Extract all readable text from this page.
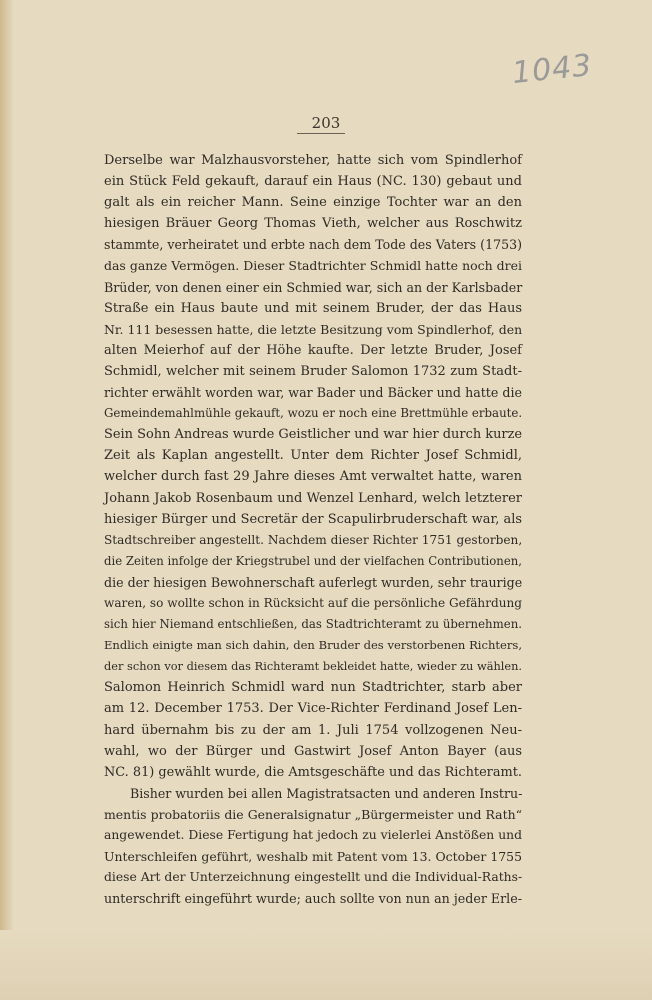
1043
203
Derselbe war Malzhausvorsteher, hatte sich vom Spindlerhof
ein Stück Feld gekauft, darauf ein Haus (NC. 130) gebaut und
galt als ein reicher Mann. Seine einzige Tochter war an den
hiesigen Bräuer Georg Thomas Vieth, welcher aus Roschwitz
stammte, verheiratet und erbte nach dem Tode des Vaters (1753)
das ganze Vermögen. Dieser Stadtrichter Schmidl hatte noch drei
Brüder, von denen einer ein Schmied war, sich an der Karlsbader
Straße ein Haus baute und mit seinem Bruder, der das Haus
Nr. 111 besessen hatte, die letzte Besitzung vom Spindlerhof, den
alten Meierhof auf der Höhe kaufte. Der letzte Bruder, Josef
Schmidl, welcher mit seinem Bruder Salomon 1732 zum Stadt-
richter erwählt worden war, war Bader und Bäcker und hatte die
Gemeindemahlmühle gekauft, wozu er noch eine Brettmühle erbaute.
Sein Sohn Andreas wurde Geistlicher und war hier durch kurze
Zeit als Kaplan angestellt. Unter dem Richter Josef Schmidl,
welcher durch fast 29 Jahre dieses Amt verwaltet hatte, waren
Johann Jakob Rosenbaum und Wenzel Lenhard, welch letzterer
hiesiger Bürger und Secretär der Scapulirbruderschaft war, als
Stadtschreiber angestellt. Nachdem dieser Richter 1751 gestorben,
die Zeiten infolge der Kriegstrubel und der vielfachen Contributionen,
die der hiesigen Bewohnerschaft auferlegt wurden, sehr traurige
waren, so wollte schon in Rücksicht auf die persönliche Gefährdung
sich hier Niemand entschließen, das Stadtrichteramt zu übernehmen.
Endlich einigte man sich dahin, den Bruder des verstorbenen Richters,
der schon vor diesem das Richteramt bekleidet hatte, wieder zu wählen.
Salomon Heinrich Schmidl ward nun Stadtrichter, starb aber
am 12. December 1753. Der Vice-Richter Ferdinand Josef Len-
hard übernahm bis zu der am 1. Juli 1754 vollzogenen Neu-
wahl, wo der Bürger und Gastwirt Josef Anton Bayer (aus
NC. 81) gewählt wurde, die Amtsgeschäfte und das Richteramt.
Bisher wurden bei allen Magistratsacten und anderen Instru-
mentis probatoriis die Generalsignatur „Bürgermeister und Rath“
angewendet. Diese Fertigung hat jedoch zu vielerlei Anstößen und
Unterschleifen geführt, weshalb mit Patent vom 13. October 1755
diese Art der Unterzeichnung eingestellt und die Individual-Raths-
unterschrift eingeführt wurde; auch sollte von nun an jeder Erle-
